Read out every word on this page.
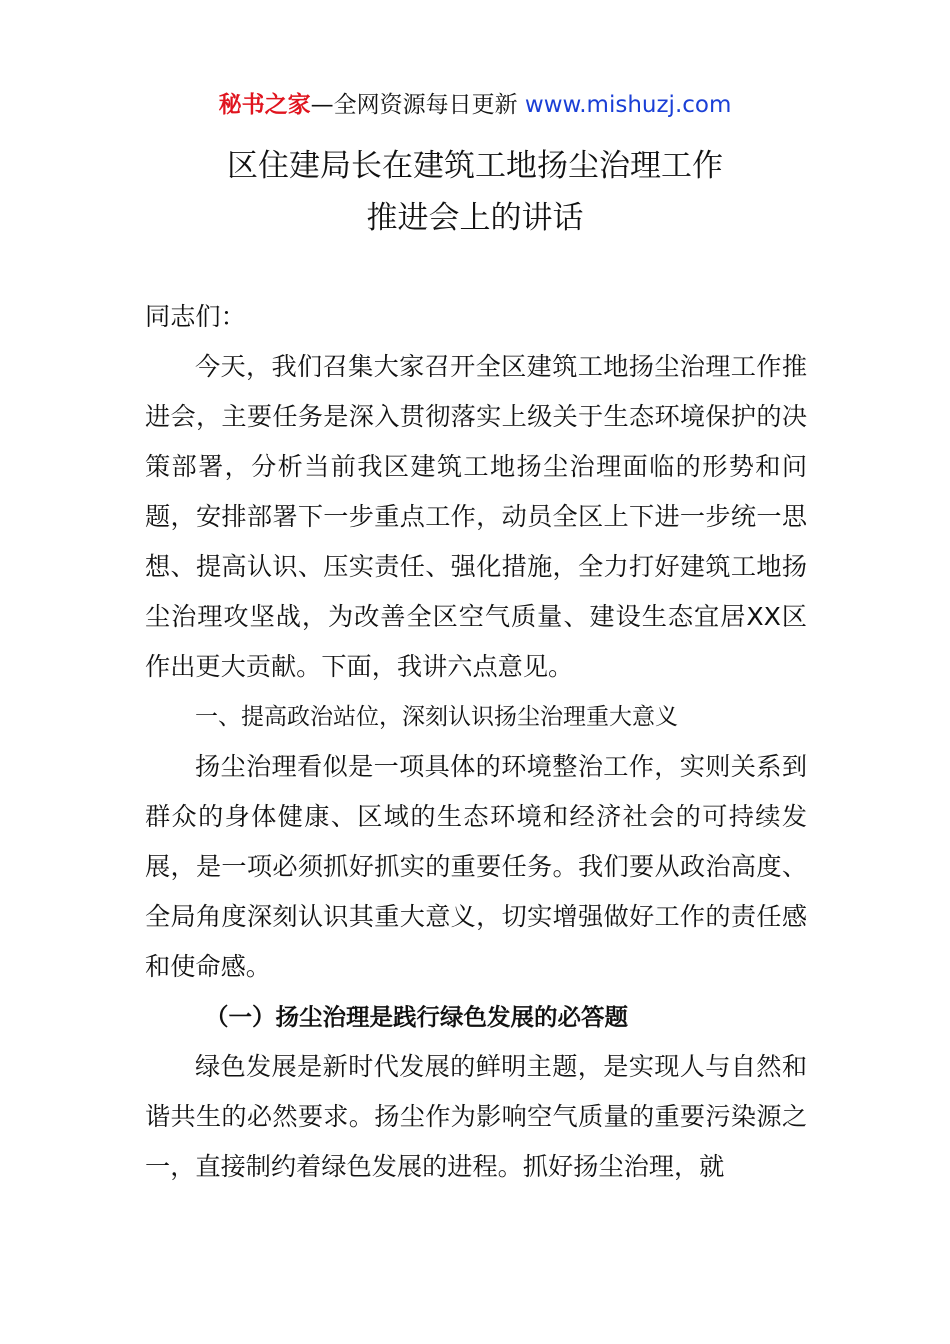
秘书之家—全网资源每日更新 www.mishuzj.com
区住建局长在建筑工地扬尘治理工作
推进会上的讲话

同志们：

今天，我们召集大家召开全区建筑工地扬尘治理工作推进会，主要任务是深入贯彻落实上级关于生态环境保护的决策部署，分析当前我区建筑工地扬尘治理面临的形势和问题，安排部署下一步重点工作，动员全区上下进一步统一思想、提高认识、压实责任、强化措施，全力打好建筑工地扬尘治理攻坚战，为改善全区空气质量、建设生态宜居XX区作出更大贡献。下面，我讲六点意见。

一、提高政治站位，深刻认识扬尘治理重大意义

扬尘治理看似是一项具体的环境整治工作，实则关系到群众的身体健康、区域的生态环境和经济社会的可持续发展，是一项必须抓好抓实的重要任务。我们要从政治高度、全局角度深刻认识其重大意义，切实增强做好工作的责任感和使命感。

（一）扬尘治理是践行绿色发展的必答题

绿色发展是新时代发展的鲜明主题，是实现人与自然和谐共生的必然要求。扬尘作为影响空气质量的重要污染源之一，直接制约着绿色发展的进程。抓好扬尘治理，就
